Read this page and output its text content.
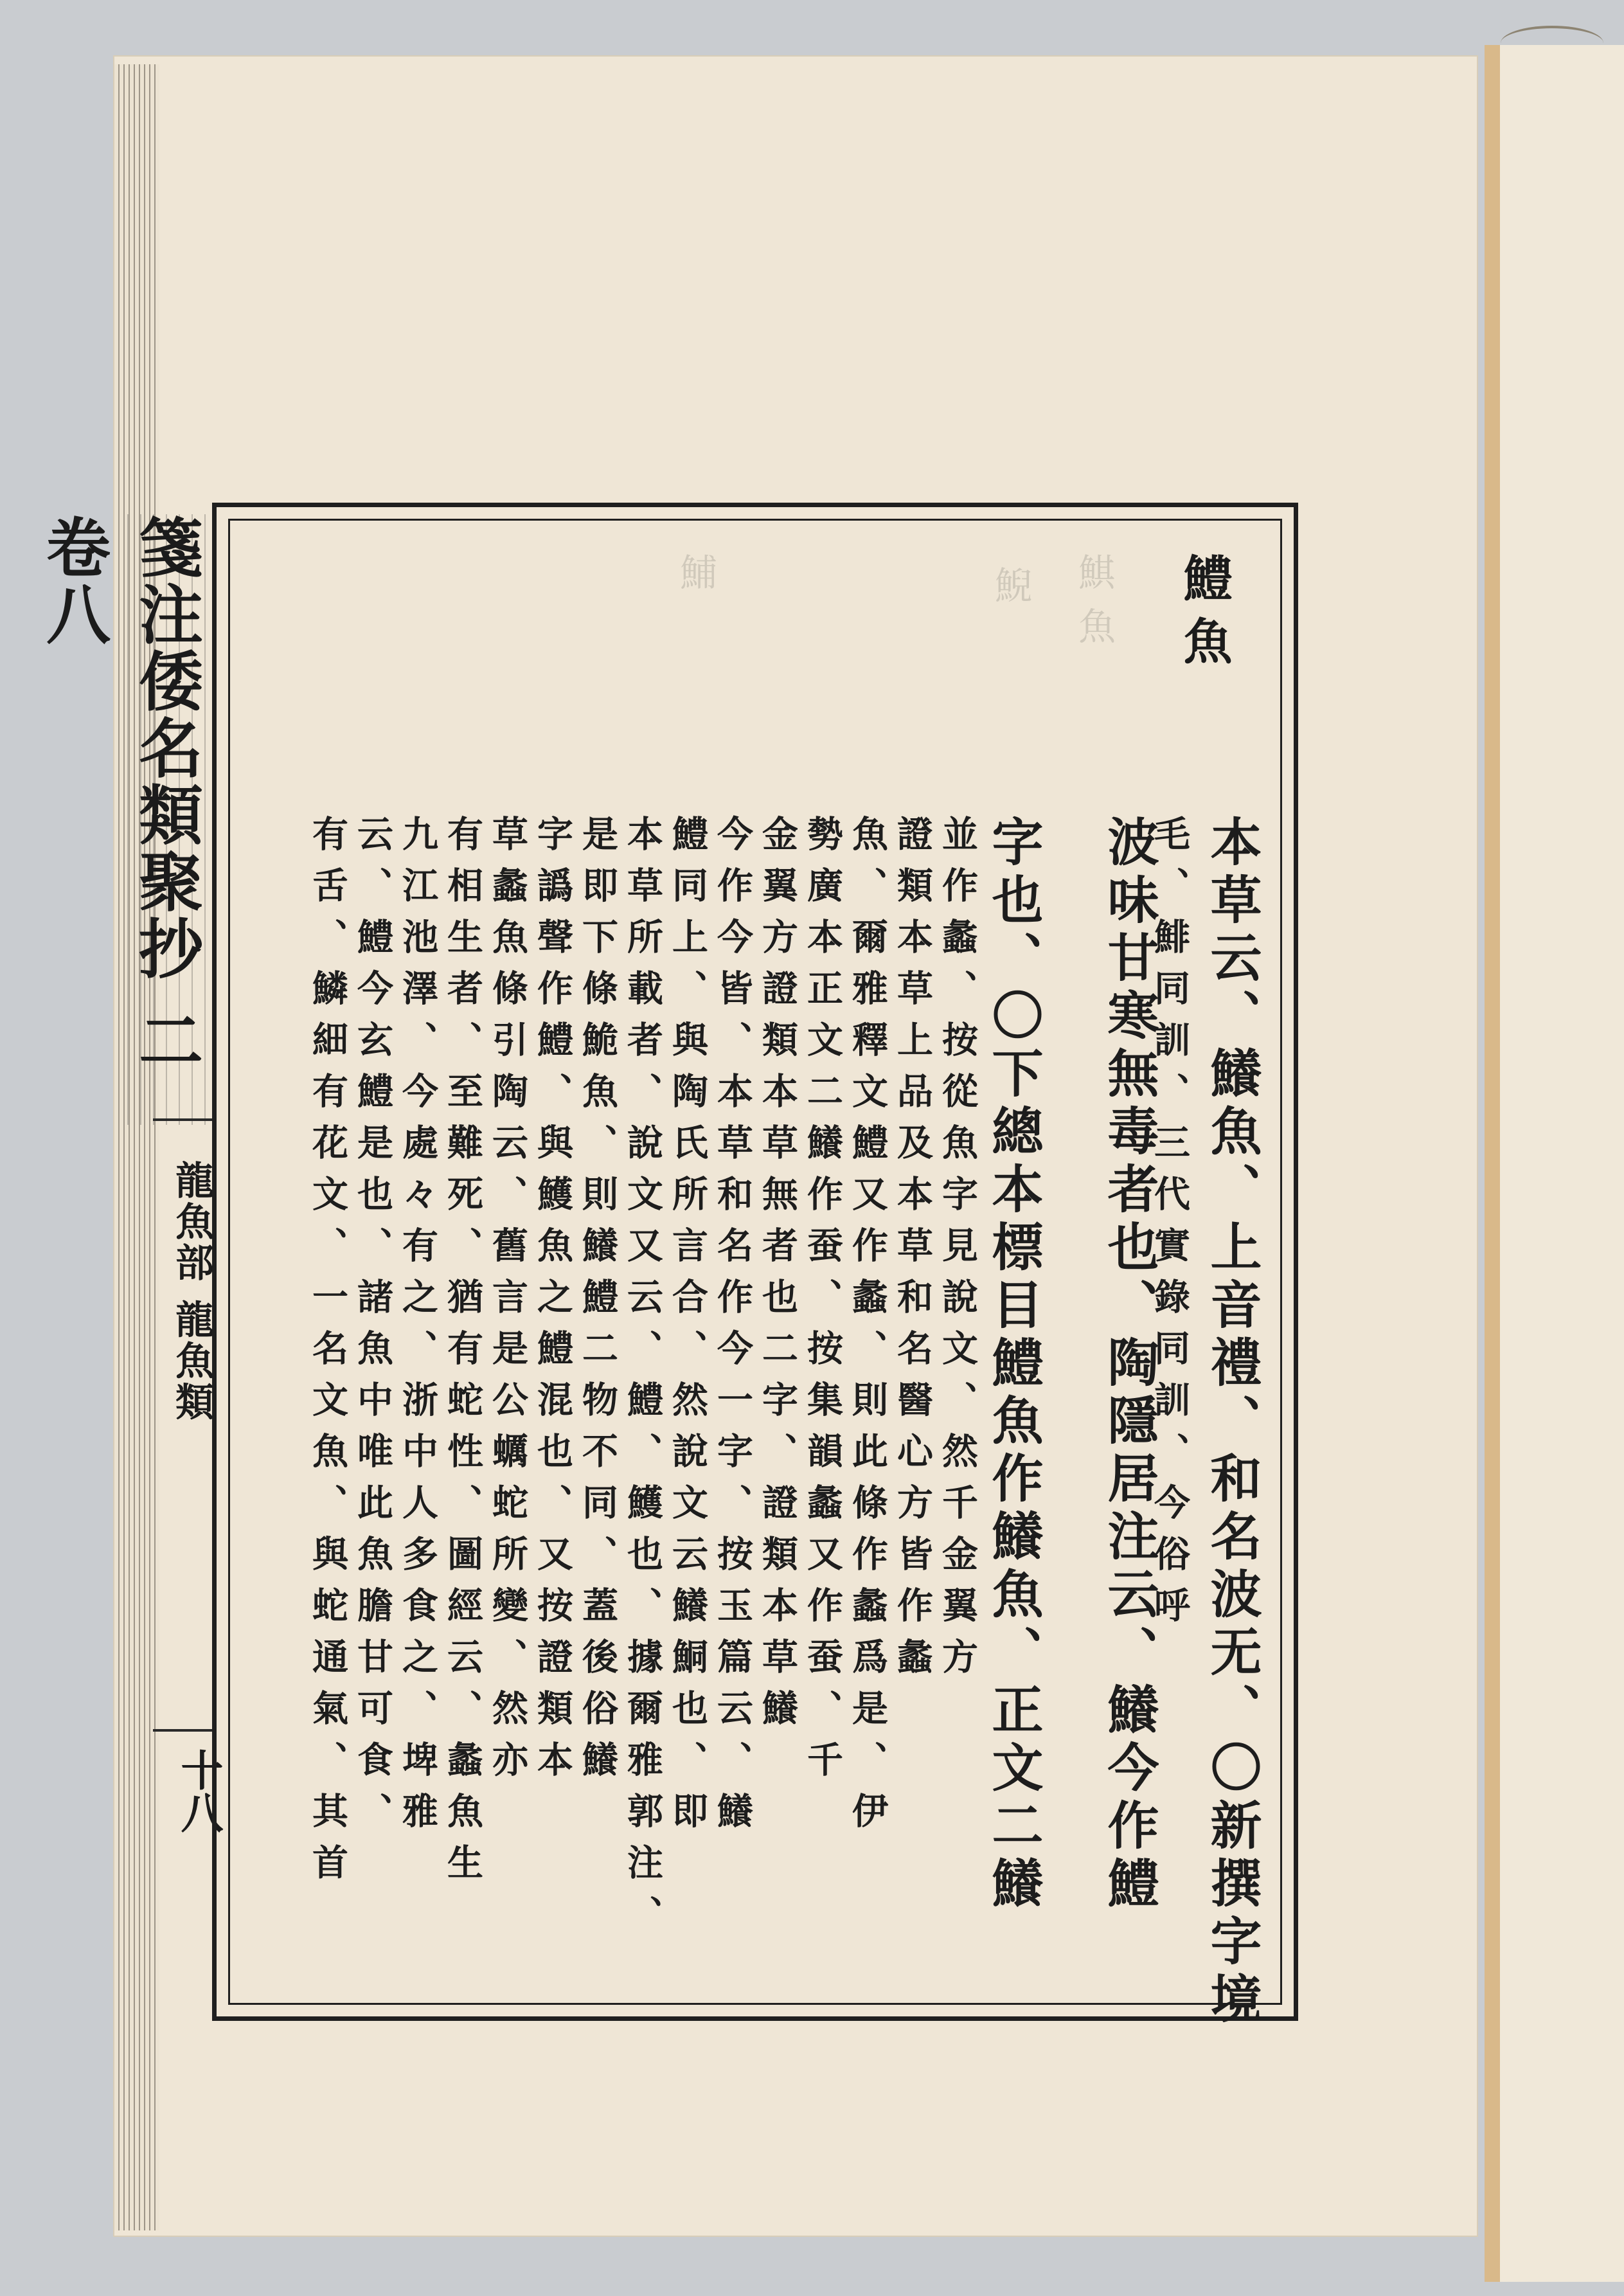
箋注倭名類聚抄 二 卷八
龍魚部 龍魚類
十八
鯕魚
鯢
鯆	鱧魚
本草云、鱶魚、上音禮、和名波无、〇新撰字境
毛、鯡同訓、三代實錄同訓、今俗呼
波味甘寒無毒者也、陶隱居注云、鱶今作鱧
字也、〇下總本標目鱧魚作鱶魚、正文二鱶
並作蠡、按從魚字見說文、然千金翼方
證類本草上品及本草和名醫心方皆作蠡
魚、爾雅釋文鱧又作蠡、則此條作蠡爲是、伊
勢廣本正文二鱶作蚕、按集韻蠡又作蚕、千
金翼方證類本草無者也二字、證類本草鱶
今作今皆、本草和名作今一字、按玉篇云、鱶
鱧同上、與陶氏所言合、然說文云鱶鮦也、即
本草所載者、說文又云、鱧、鱯也、據爾雅郭注、
是即下條鮠魚、則鱶鱧二物不同、蓋後俗鱶
字譌聲作鱧、與鱯魚之鱧混也、又按證類本
草蠡魚條引陶云、舊言是公蠣蛇所變、然亦
有相生者、至難死、猶有蛇性、圖經云、蠡魚生
九江池澤、今處々有之、浙中人多食之、埤雅
云、鱧今玄鱧是也、諸魚中唯此魚膽甘可食、
有舌、鱗細有花文、一名文魚、與蛇通氣、其首
